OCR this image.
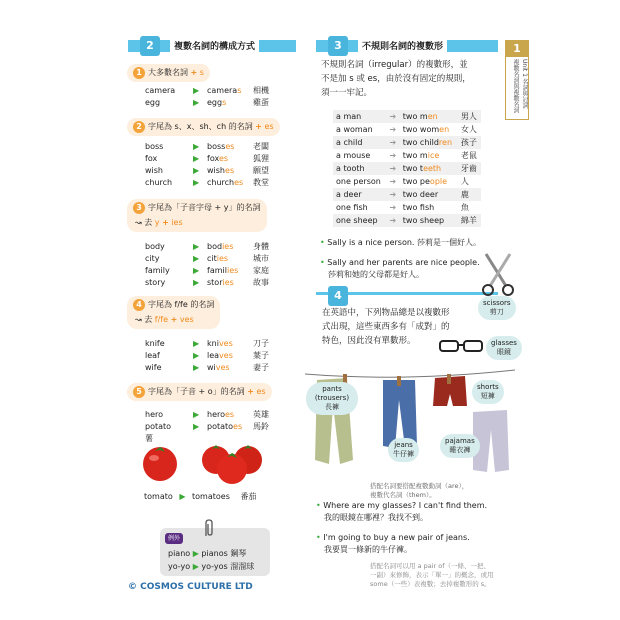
2	複數名詞的構成方式	3	不規則名詞的複數形	1
Unit 1 名詞與冠詞 複數名詞與複數名詞
1 大多數名詞 + s
camera ▶ cameras 相機
egg	▶ eggs	雞蛋
2 字尾為 s、x、sh、ch 的名詞 + es
boss	▶ bosses 老闆
fox	▶ foxes	狐狸
wish	▶ wishes 願望
church	▶ churches 教堂
3 字尾為「子音字母 + y」的名詞
↝ 去 y + ies
body	▶ bodies 身體
city	▶ cities	城市
family	▶ families 家庭
story	▶ stories 故事
4 字尾為 f/fe 的名詞
↝ 去 f/fe + ves
knife	▶ knives	刀子
leaf	▶ leaves	葉子
wife	▶ wives	妻子
5 字尾為「子音 + o」的名詞 + es
hero	▶ heroes 英雄
potato	▶ potatoes 馬鈴薯
tomato ▶ tomatoes 番茄
例外
piano ▶ pianos 鋼琴
yo-yo ▶ yo-yos 溜溜球
© COSMOS CULTURE LTD
不規則名詞（irregular）的複數形，並
不是加 s 或 es，由於沒有固定的規則，
須一一牢記。
a man	➔	two men	男人
a woman	➔	two women	女人
a child	➔	two children	孩子
a mouse	➔	two mice	老鼠
a tooth	➔	two teeth	牙齒
one person	➔	two people	人
a deer	➔	two deer	鹿
one fish	➔	two fish	魚
one sheep	➔	two sheep	綿羊
• Sally is a nice person. 莎莉是一個好人。
• Sally and her parents are nice people.
莎莉和她的父母都是好人。
4
在英語中，下列物品總是以複數形
式出現，這些東西多有「成對」的
特色，因此沒有單數形。
scissors
剪刀
glasses
眼鏡
pants (trousers)
長褲
shorts
短褲
jeans
牛仔褲
pajamas
睡衣褲
搭配名詞要搭配複數動詞（are），
複數代名詞（them）。
• Where are my glasses? I can't find them.
我的眼鏡在哪裡？我找不到。
• I'm going to buy a new pair of jeans.
我要買一條新的牛仔褲。
搭配名詞可以用 a pair of（一條、一把、
一副）來修飾，表示「單一」的概念，或用
some（一些）表複數；去掉複數形的 s。
